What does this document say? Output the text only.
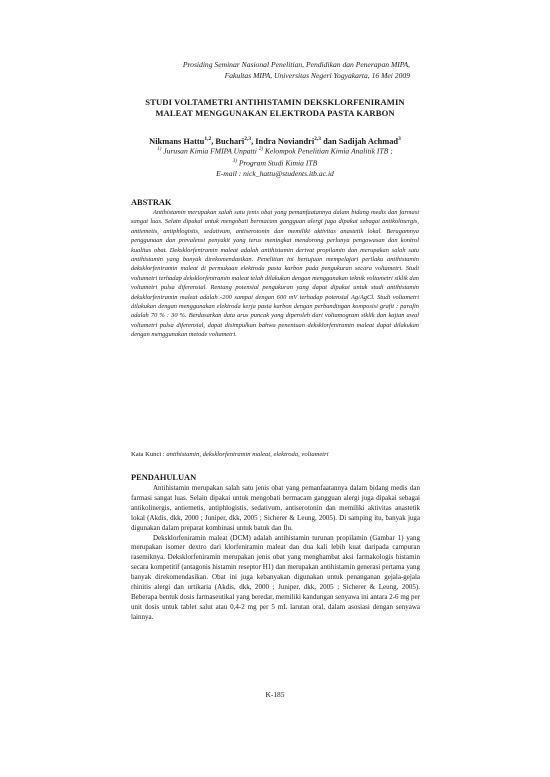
Prosiding Seminar Nasional Penelitian, Pendidikan dan Penerapan MIPA,
Fakultas MIPA, Universitas Negeri Yogyakarta, 16 Mei 2009
STUDI VOLTAMETRI ANTIHISTAMIN DEKSKLORFENIRAMIN
MALEAT MENGGUNAKAN ELEKTRODA PASTA KARBON
Nikmans Hattu$^{1,2}$, Buchari$^{2,3}$, Indra Noviandri$^{2,3}$ dan Sadijah Achmad$^3$
$^{1)}$ Jurusan Kimia FMIPA Unpatti $^{2)}$ Kelompok Penelitian Kimia Analitik ITB ;
$^{3)}$ Program Studi Kimia ITB
E-mail : nick_hattu@students.itb.ac.id
ABSTRAK

Antihistamin merupakan salah satu jenis obat yang pemanfaatannya dalam bidang medis dan farmasi sangat luas. Selain dipakai untuk mengobati bermacam gangguan alergi juga dipakai sebagai antikolinergis, antiemetis, antiphlogistis, sedativum, antiserotonin dan memiliki aktivitas anastetik lokal. Beragamnya penggunaan dan prevalensi penyakit yang terus meningkat mendorong perlunya pengawasan dan kontrol kualitas obat. Deksklorfeniramin maleat adalah antihistamin derivat propilamin dan merupakan salah satu antihistamin yang banyak direkomendasikan. Penelitian ini bertujuan mempelajari perilaku antihistamin deksklorfeniramin maleat di permukaan elektroda pasta karbon pada pengukuran secara voltametri. Studi voltametri terhadap deksklorfeniramin maleat telah dilakukan dengan menggunakan teknik voltametri siklik dan voltametri pulsa diferensial. Rentang potensial pengukuran yang dapat dipakai untuk studi antihistamin deksklorfeniramin maleat adalah -200 sampai dengan 600 mV terhadap potensial Ag/AgCl. Studi voltametri dilakukan dengan menggunakan elektroda kerja pasta karbon dengan perbandingan komposisi grafit : parafin adalah 70 % : 30 %. Berdasarkan data arus puncak yang diperoleh dari voltamogram siklik dan kajian awal voltametri pulsa diferensial, dapat disimpulkan bahwa penentuan deksklorfeniramin maleat dapat dilakukan dengan menggunakan metode voltametri.

Kata Kunci : antihistamin, deksklorfeniramin maleat, elektroda, voltametri
PENDAHULUAN

Antihistamin merupakan salah satu jenis obat yang pemanfaatannya dalam bidang medis dan farmasi sangat luas. Selain dipakai untuk mengobati bermacam gangguan alergi juga dipakai sebagai antikolinergis, antiemetis, antiphlogistis, sedativum, antiserotonin dan memiliki aktivitas anastetik lokal (Akdis, dkk, 2000 ; Juniper, dkk, 2005 ; Sicherer & Leung, 2005). Di samping itu, banyak juga digunakan dalam preparat kombinasi untuk batuk dan flu.

Deksklorfeniramin maleat (DCM) adalah antihistamin turunan propilamin (Gambar 1) yang merupakan isomer dextro dari klorfeniramin maleat dan dua kali lebih kuat daripada campuran rasemiknya. Deksklorfeniramin merupakan jenis obat yang menghambat aksi farmakologis histamin secara kompetitif (antagonis histamin reseptor H1) dan merupakan antihistamin generasi pertama yang banyak direkomendasikan. Obat ini juga kebanyakan digunakan untuk penanganan gejala-gejala rhinitis alergi dan urtikaria (Akdis, dkk, 2000 ; Juniper, dkk, 2005 ; Sicherer & Leung, 2005). Beberapa bentuk dosis farmaseutikal yang beredar, memiliki kandungan senyawa ini antara 2-6 mg per unit dosis untuk tablet salut atau 0,4-2 mg per 5 mL larutan oral, dalam asosiasi dengan senyawa lainnya.

K-185
